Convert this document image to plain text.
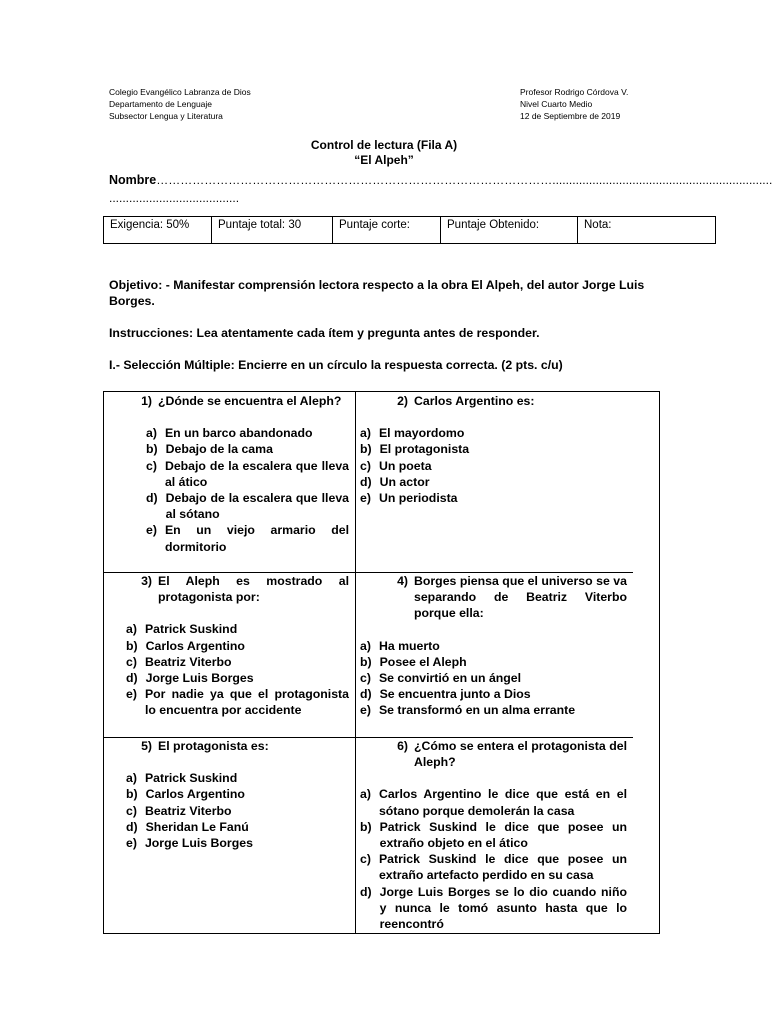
Colegio Evangélico Labranza de Dios
Departamento de Lenguaje
Subsector Lengua y Literatura
Profesor Rodrigo Córdova V.
Nivel Cuarto Medio
12 de Septiembre de 2019
Control de lectura (Fila A)
“El Alpeh”
Nombre………………………………………………………………………………………..................................................................
.......................................
Exigencia: 50%	Puntaje total: 30	Puntaje corte:	Puntaje Obtenido:	Nota:
Objetivo: - Manifestar comprensión lectora respecto a la obra El Alpeh, del autor Jorge Luis Borges.
Instrucciones: Lea atentamente cada ítem y pregunta antes de responder.
I.- Selección Múltiple: Encierre en un círculo la respuesta correcta. (2 pts. c/u)
1) ¿Dónde se encuentra el Aleph?
a) En un barco abandonado
b) Debajo de la cama
c) Debajo de la escalera que lleva al ático
d) Debajo de la escalera que lleva al sótano
e) En un viejo armario del dormitorio
2) Carlos Argentino es:
a) El mayordomo
b) El protagonista
c) Un poeta
d) Un actor
e) Un periodista
3) El Aleph es mostrado al protagonista por:
a) Patrick Suskind
b) Carlos Argentino
c) Beatriz Viterbo
d) Jorge Luis Borges
e) Por nadie ya que el protagonista lo encuentra por accidente
4) Borges piensa que el universo se va separando de Beatriz Viterbo porque ella:
a) Ha muerto
b) Posee el Aleph
c) Se convirtió en un ángel
d) Se encuentra junto a Dios
e) Se transformó en un alma errante
5) El protagonista es:
a) Patrick Suskind
b) Carlos Argentino
c) Beatriz Viterbo
d) Sheridan Le Fanú
e) Jorge Luis Borges
6) ¿Cómo se entera el protagonista del Aleph?
a) Carlos Argentino le dice que está en el sótano porque demolerán la casa
b) Patrick Suskind le dice que posee un extraño objeto en el ático
c) Patrick Suskind le dice que posee un extraño artefacto perdido en su casa
d) Jorge Luis Borges se lo dio cuando niño y nunca le tomó asunto hasta que lo reencontró
